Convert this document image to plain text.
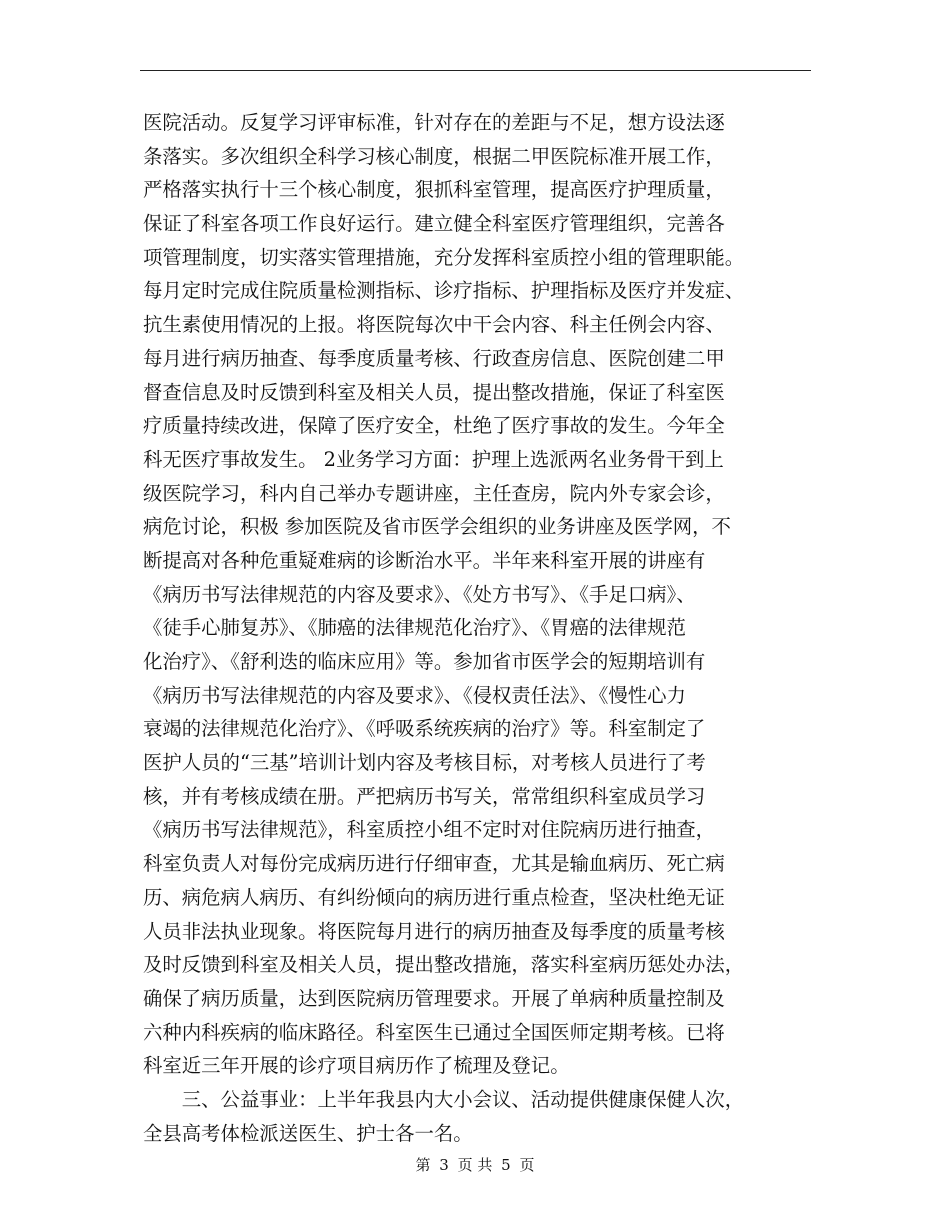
医院活动。反复学习评审标准，针对存在的差距与不足，想方设法逐
条落实。多次组织全科学习核心制度，根据二甲医院标准开展工作，
严格落实执行十三个核心制度，狠抓科室管理，提高医疗护理质量，
保证了科室各项工作良好运行。建立健全科室医疗管理组织，完善各
项管理制度，切实落实管理措施，充分发挥科室质控小组的管理职能。
每月定时完成住院质量检测指标、诊疗指标、护理指标及医疗并发症、
抗生素使用情况的上报。将医院每次中干会内容、科主任例会内容、
每月进行病历抽查、每季度质量考核、行政查房信息、医院创建二甲
督查信息及时反馈到科室及相关人员，提出整改措施，保证了科室医
疗质量持续改进，保障了医疗安全，杜绝了医疗事故的发生。今年全
科无医疗事故发生。 2业务学习方面：护理上选派两名业务骨干到上
级医院学习，科内自己举办专题讲座，主任查房，院内外专家会诊，
病危讨论，积极 参加医院及省市医学会组织的业务讲座及医学网，不
断提高对各种危重疑难病的诊断治水平。半年来科室开展的讲座有
《病历书写法律规范的内容及要求》、《处方书写》、《手足口病》、
《徒手心肺复苏》、《肺癌的法律规范化治疗》、《胃癌的法律规范
化治疗》、《舒利迭的临床应用》等。参加省市医学会的短期培训有
《病历书写法律规范的内容及要求》、《侵权责任法》、《慢性心力
衰竭的法律规范化治疗》、《呼吸系统疾病的治疗》等。科室制定了
医护人员的“三基”培训计划内容及考核目标，对考核人员进行了考
核，并有考核成绩在册。严把病历书写关，常常组织科室成员学习
《病历书写法律规范》，科室质控小组不定时对住院病历进行抽查，
科室负责人对每份完成病历进行仔细审查，尤其是输血病历、死亡病
历、病危病人病历、有纠纷倾向的病历进行重点检查，坚决杜绝无证
人员非法执业现象。将医院每月进行的病历抽查及每季度的质量考核
及时反馈到科室及相关人员，提出整改措施，落实科室病历惩处办法，
确保了病历质量，达到医院病历管理要求。开展了单病种质量控制及
六种内科疾病的临床路径。科室医生已通过全国医师定期考核。已将
科室近三年开展的诊疗项目病历作了梳理及登记。
　　三、公益事业：上半年我县内大小会议、活动提供健康保健人次，
全县高考体检派送医生、护士各一名。
第 3 页 共 5 页
